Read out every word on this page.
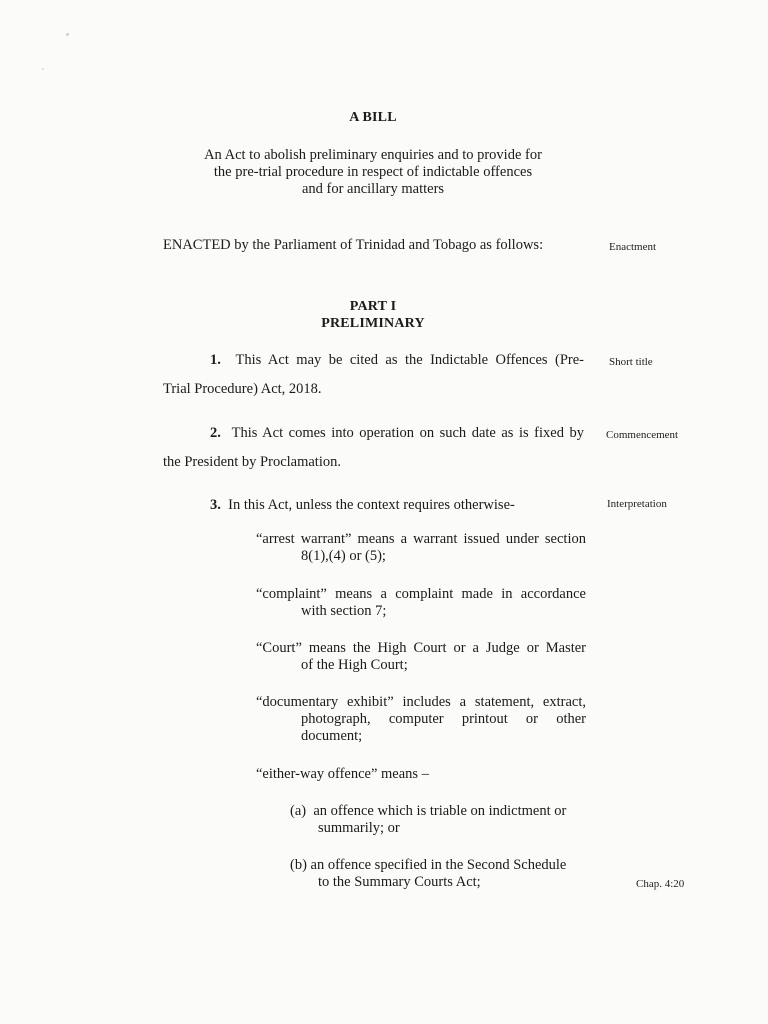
A BILL
An Act to abolish preliminary enquiries and to provide for
the pre-trial procedure in respect of indictable offences
and for ancillary matters
ENACTED by the Parliament of Trinidad and Tobago as follows:	Enactment
PART I
PRELIMINARY
1. This Act may be cited as the Indictable Offences (Pre-
Trial Procedure) Act, 2018.
Short title
2. This Act comes into operation on such date as is fixed by
the President by Proclamation.
Commencement
3. In this Act, unless the context requires otherwise-	Interpretation
“arrest warrant” means a warrant issued under section
8(1),(4) or (5);
“complaint” means a complaint made in accordance
with section 7;
“Court” means the High Court or a Judge or Master
of the High Court;
“documentary exhibit” includes a statement, extract,
photograph, computer printout or other
document;
“either-way offence” means –
(a) an offence which is triable on indictment or
summarily; or
(b) an offence specified in the Second Schedule
to the Summary Courts Act;	Chap. 4:20
